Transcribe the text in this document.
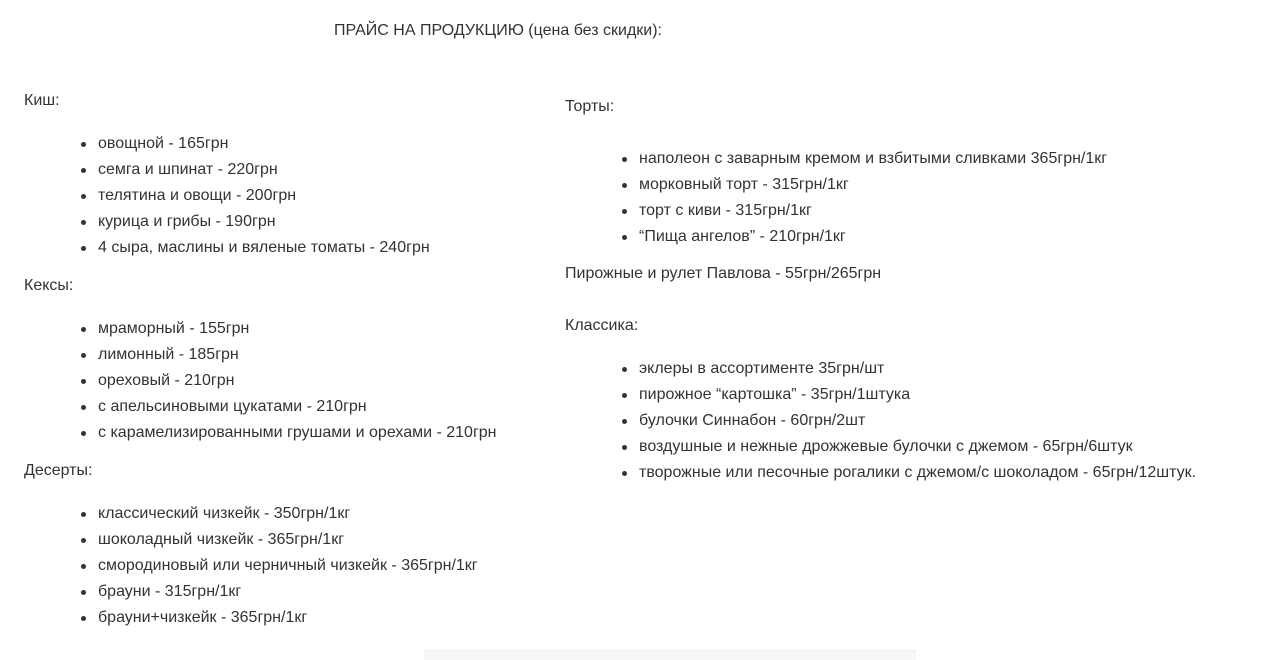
ПРАЙС НА ПРОДУКЦИЮ (цена без скидки):

Киш:

овощной - 165грн
семга и шпинат - 220грн
телятина и овощи - 200грн
курица и грибы - 190грн
4 сыра, маслины и вяленые томаты - 240грн

Кексы:

мраморный - 155грн
лимонный - 185грн
ореховый - 210грн
с апельсиновыми цукатами - 210грн
с карамелизированными грушами и орехами - 210грн

Десерты:

классический чизкейк - 350грн/1кг
шоколадный чизкейк - 365грн/1кг
смородиновый или черничный чизкейк - 365грн/1кг
брауни - 315грн/1кг
брауни+чизкейк - 365грн/1кг

Торты:

наполеон с заварным кремом и взбитыми сливками 365грн/1кг
морковный торт - 315грн/1кг
торт с киви - 315грн/1кг
“Пища ангелов” - 210грн/1кг

Пирожные и рулет Павлова - 55грн/265грн

Классика:

эклеры в ассортименте 35грн/шт
пирожное “картошка” - 35грн/1штука
булочки Синнабон - 60грн/2шт
воздушные и нежные дрожжевые булочки с джемом - 65грн/6штук
творожные или песочные рогалики с джемом/с шоколадом - 65грн/12штук.
